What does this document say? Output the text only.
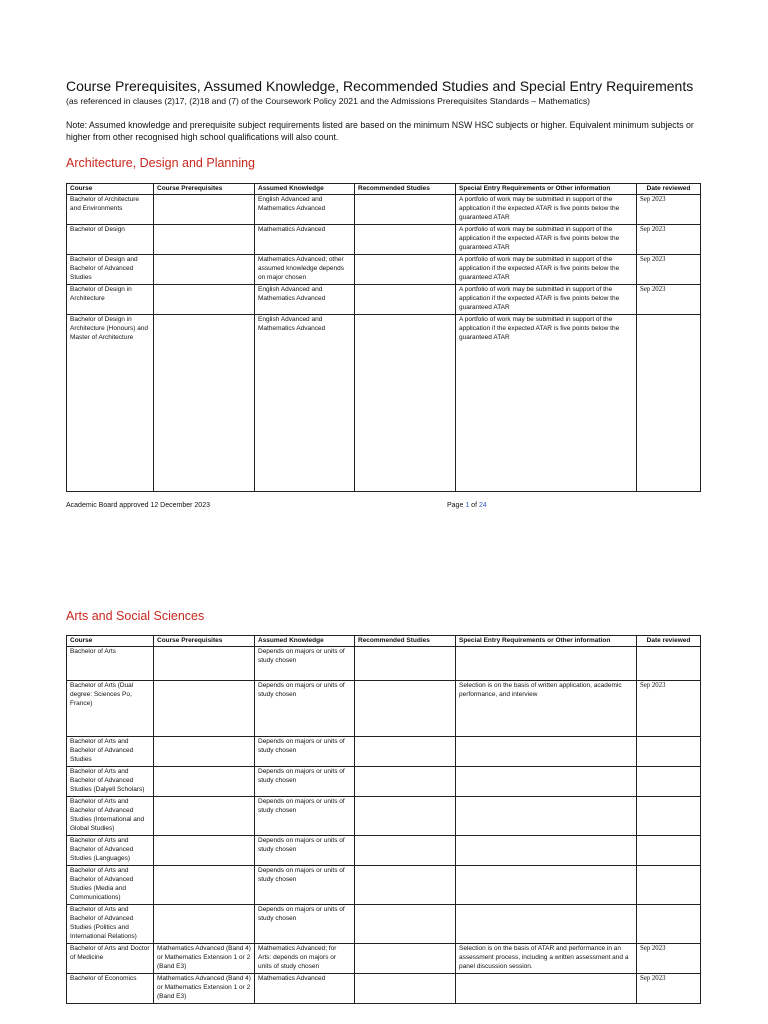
Course Prerequisites, Assumed Knowledge, Recommended Studies and Special Entry Requirements
(as referenced in clauses (2)17, (2)18 and (7) of the Coursework Policy 2021 and the Admissions Prerequisites Standards – Mathematics)
Note: Assumed knowledge and prerequisite subject requirements listed are based on the minimum NSW HSC subjects or higher. Equivalent minimum subjects or higher from other recognised high school qualifications will also count.
Architecture, Design and Planning
Course	Course Prerequisites	Assumed Knowledge	Recommended Studies	Special Entry Requirements or Other information	Date reviewed
Bachelor of Architecture and Environments		English Advanced and Mathematics Advanced		A portfolio of work may be submitted in support of the application if the expected ATAR is five points below the guaranteed ATAR	Sep 2023
Bachelor of Design		Mathematics Advanced		A portfolio of work may be submitted in support of the application if the expected ATAR is five points below the guaranteed ATAR	Sep 2023
Bachelor of Design and Bachelor of Advanced Studies		Mathematics Advanced; other assumed knowledge depends on major chosen		A portfolio of work may be submitted in support of the application if the expected ATAR is five points below the guaranteed ATAR	Sep 2023
Bachelor of Design in Architecture		English Advanced and Mathematics Advanced		A portfolio of work may be submitted in support of the application if the expected ATAR is five points below the guaranteed ATAR	Sep 2023
Bachelor of Design in Architecture (Honours) and Master of Architecture		English Advanced and Mathematics Advanced		A portfolio of work may be submitted in support of the application if the expected ATAR is five points below the guaranteed ATAR	
Academic Board approved 12 December 2023	Page 1 of 24
Arts and Social Sciences
Course	Course Prerequisites	Assumed Knowledge	Recommended Studies	Special Entry Requirements or Other information	Date reviewed
Bachelor of Arts		Depends on majors or units of study chosen			
Bachelor of Arts (Dual degree: Sciences Po, France)		Depends on majors or units of study chosen		Selection is on the basis of written application, academic performance, and interview	Sep 2023
Bachelor of Arts and Bachelor of Advanced Studies		Depends on majors or units of study chosen			
Bachelor of Arts and Bachelor of Advanced Studies (Dalyell Scholars)		Depends on majors or units of study chosen			
Bachelor of Arts and Bachelor of Advanced Studies (International and Global Studies)		Depends on majors or units of study chosen			
Bachelor of Arts and Bachelor of Advanced Studies (Languages)		Depends on majors or units of study chosen			
Bachelor of Arts and Bachelor of Advanced Studies (Media and Communications)		Depends on majors or units of study chosen			
Bachelor of Arts and Bachelor of Advanced Studies (Politics and International Relations)		Depends on majors or units of study chosen			
Bachelor of Arts and Doctor of Medicine	Mathematics Advanced (Band 4) or Mathematics Extension 1 or 2 (Band E3)	Mathematics Advanced; for Arts: depends on majors or units of study chosen		Selection is on the basis of ATAR and performance in an assessment process, including a written assessment and a panel discussion session.	Sep 2023
Bachelor of Economics	Mathematics Advanced (Band 4) or Mathematics Extension 1 or 2 (Band E3)	Mathematics Advanced			Sep 2023
